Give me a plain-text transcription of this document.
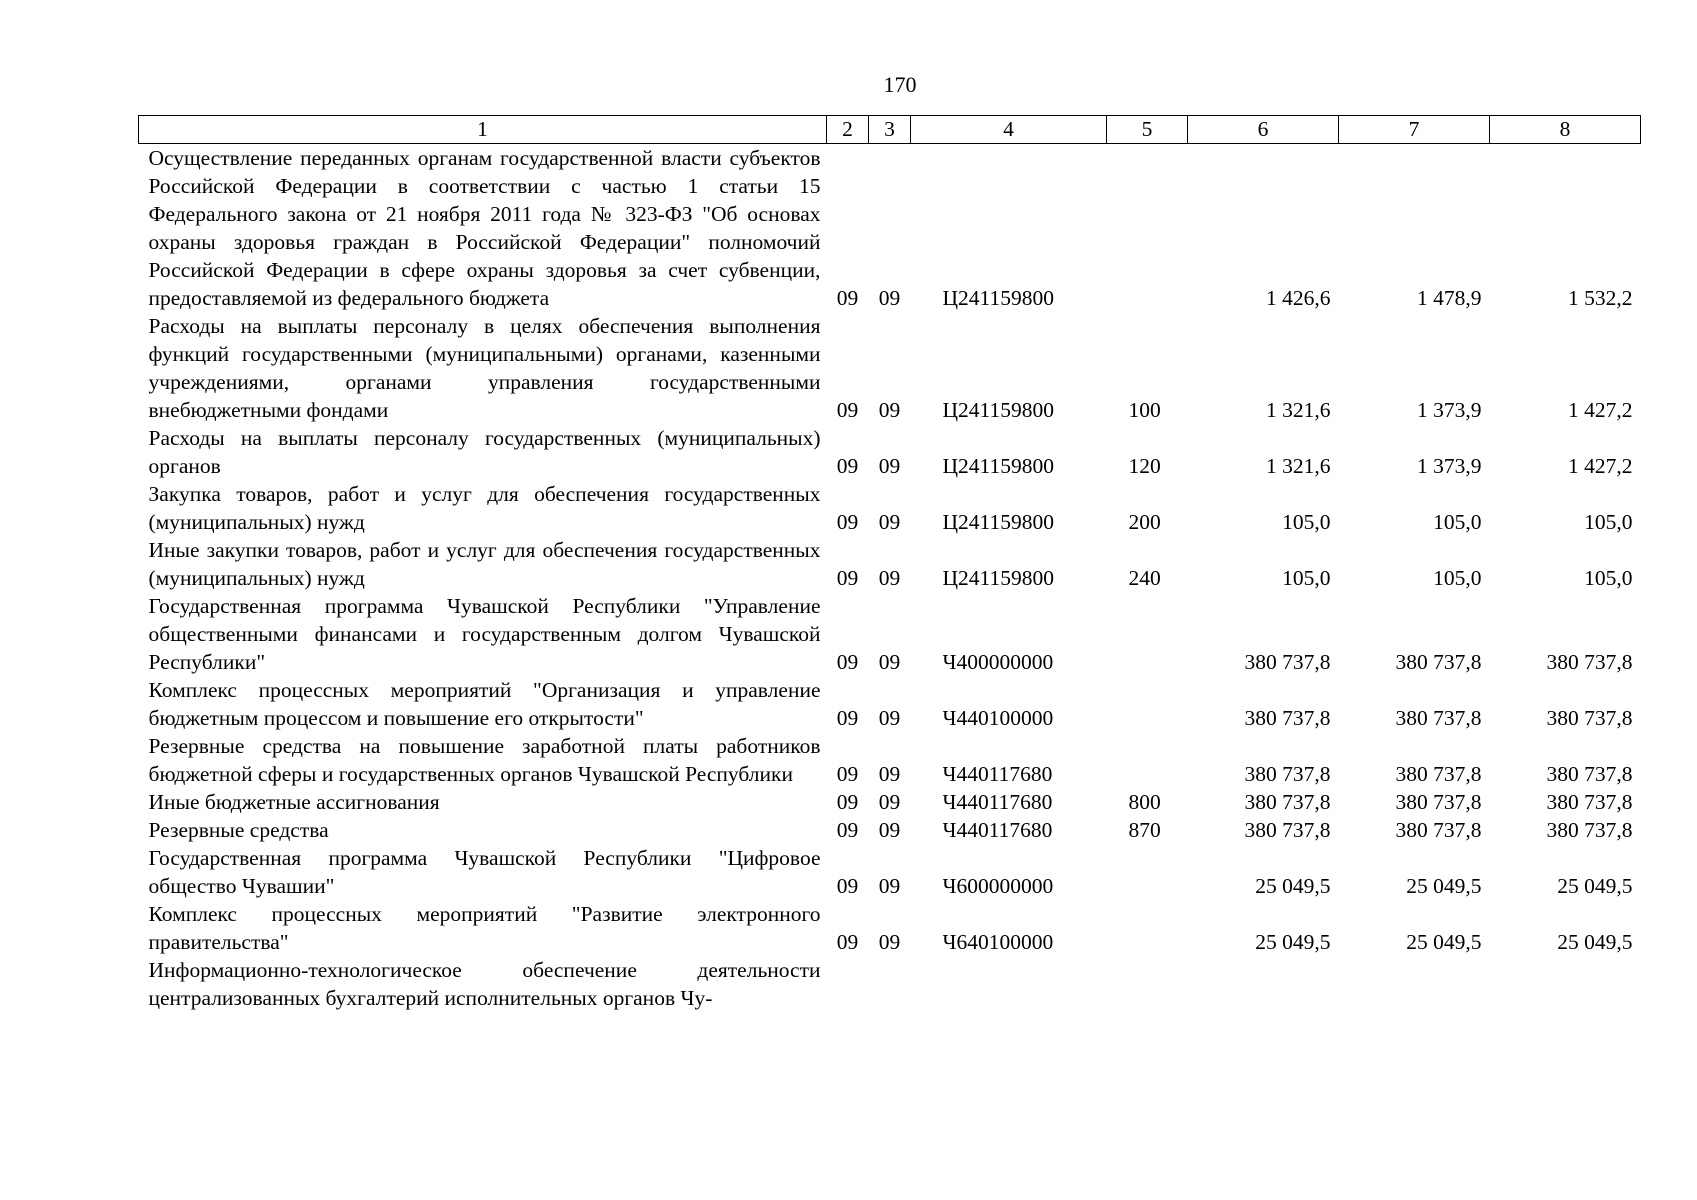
170
1	2	3	4	5	6	7	8
Осуществление переданных органам государственной власти субъектов Российской Федерации в соответствии с частью 1 статьи 15 Федерального закона от 21 ноября 2011 года № 323-ФЗ "Об основах охраны здоровья граждан в Российской Федерации" полномочий Российской Федерации в сфере охраны здоровья за счет субвенции, предоставляемой из федерального бюджета	09	09	Ц241159800		1 426,6	1 478,9	1 532,2
Расходы на выплаты персоналу в целях обеспечения выполнения функций государственными (муниципальными) органами, казенными учреждениями, органами управления государственными внебюджетными фондами	09	09	Ц241159800	100	1 321,6	1 373,9	1 427,2
Расходы на выплаты персоналу государственных (муниципальных) органов	09	09	Ц241159800	120	1 321,6	1 373,9	1 427,2
Закупка товаров, работ и услуг для обеспечения государственных (муниципальных) нужд	09	09	Ц241159800	200	105,0	105,0	105,0
Иные закупки товаров, работ и услуг для обеспечения государственных (муниципальных) нужд	09	09	Ц241159800	240	105,0	105,0	105,0
Государственная программа Чувашской Республики "Управление общественными финансами и государственным долгом Чувашской Республики"	09	09	Ч400000000		380 737,8	380 737,8	380 737,8
Комплекс процессных мероприятий "Организация и управление бюджетным процессом и повышение его открытости"	09	09	Ч440100000		380 737,8	380 737,8	380 737,8
Резервные средства на повышение заработной платы работников бюджетной сферы и государственных органов Чувашской Республики	09	09	Ч440117680		380 737,8	380 737,8	380 737,8
Иные бюджетные ассигнования	09	09	Ч440117680	800	380 737,8	380 737,8	380 737,8
Резервные средства	09	09	Ч440117680	870	380 737,8	380 737,8	380 737,8
Государственная программа Чувашской Республики "Цифровое общество Чувашии"	09	09	Ч600000000		25 049,5	25 049,5	25 049,5
Комплекс процессных мероприятий "Развитие электронного правительства"	09	09	Ч640100000		25 049,5	25 049,5	25 049,5
Информационно-технологическое обеспечение деятельности централизованных бухгалтерий исполнительных органов Чу-							
